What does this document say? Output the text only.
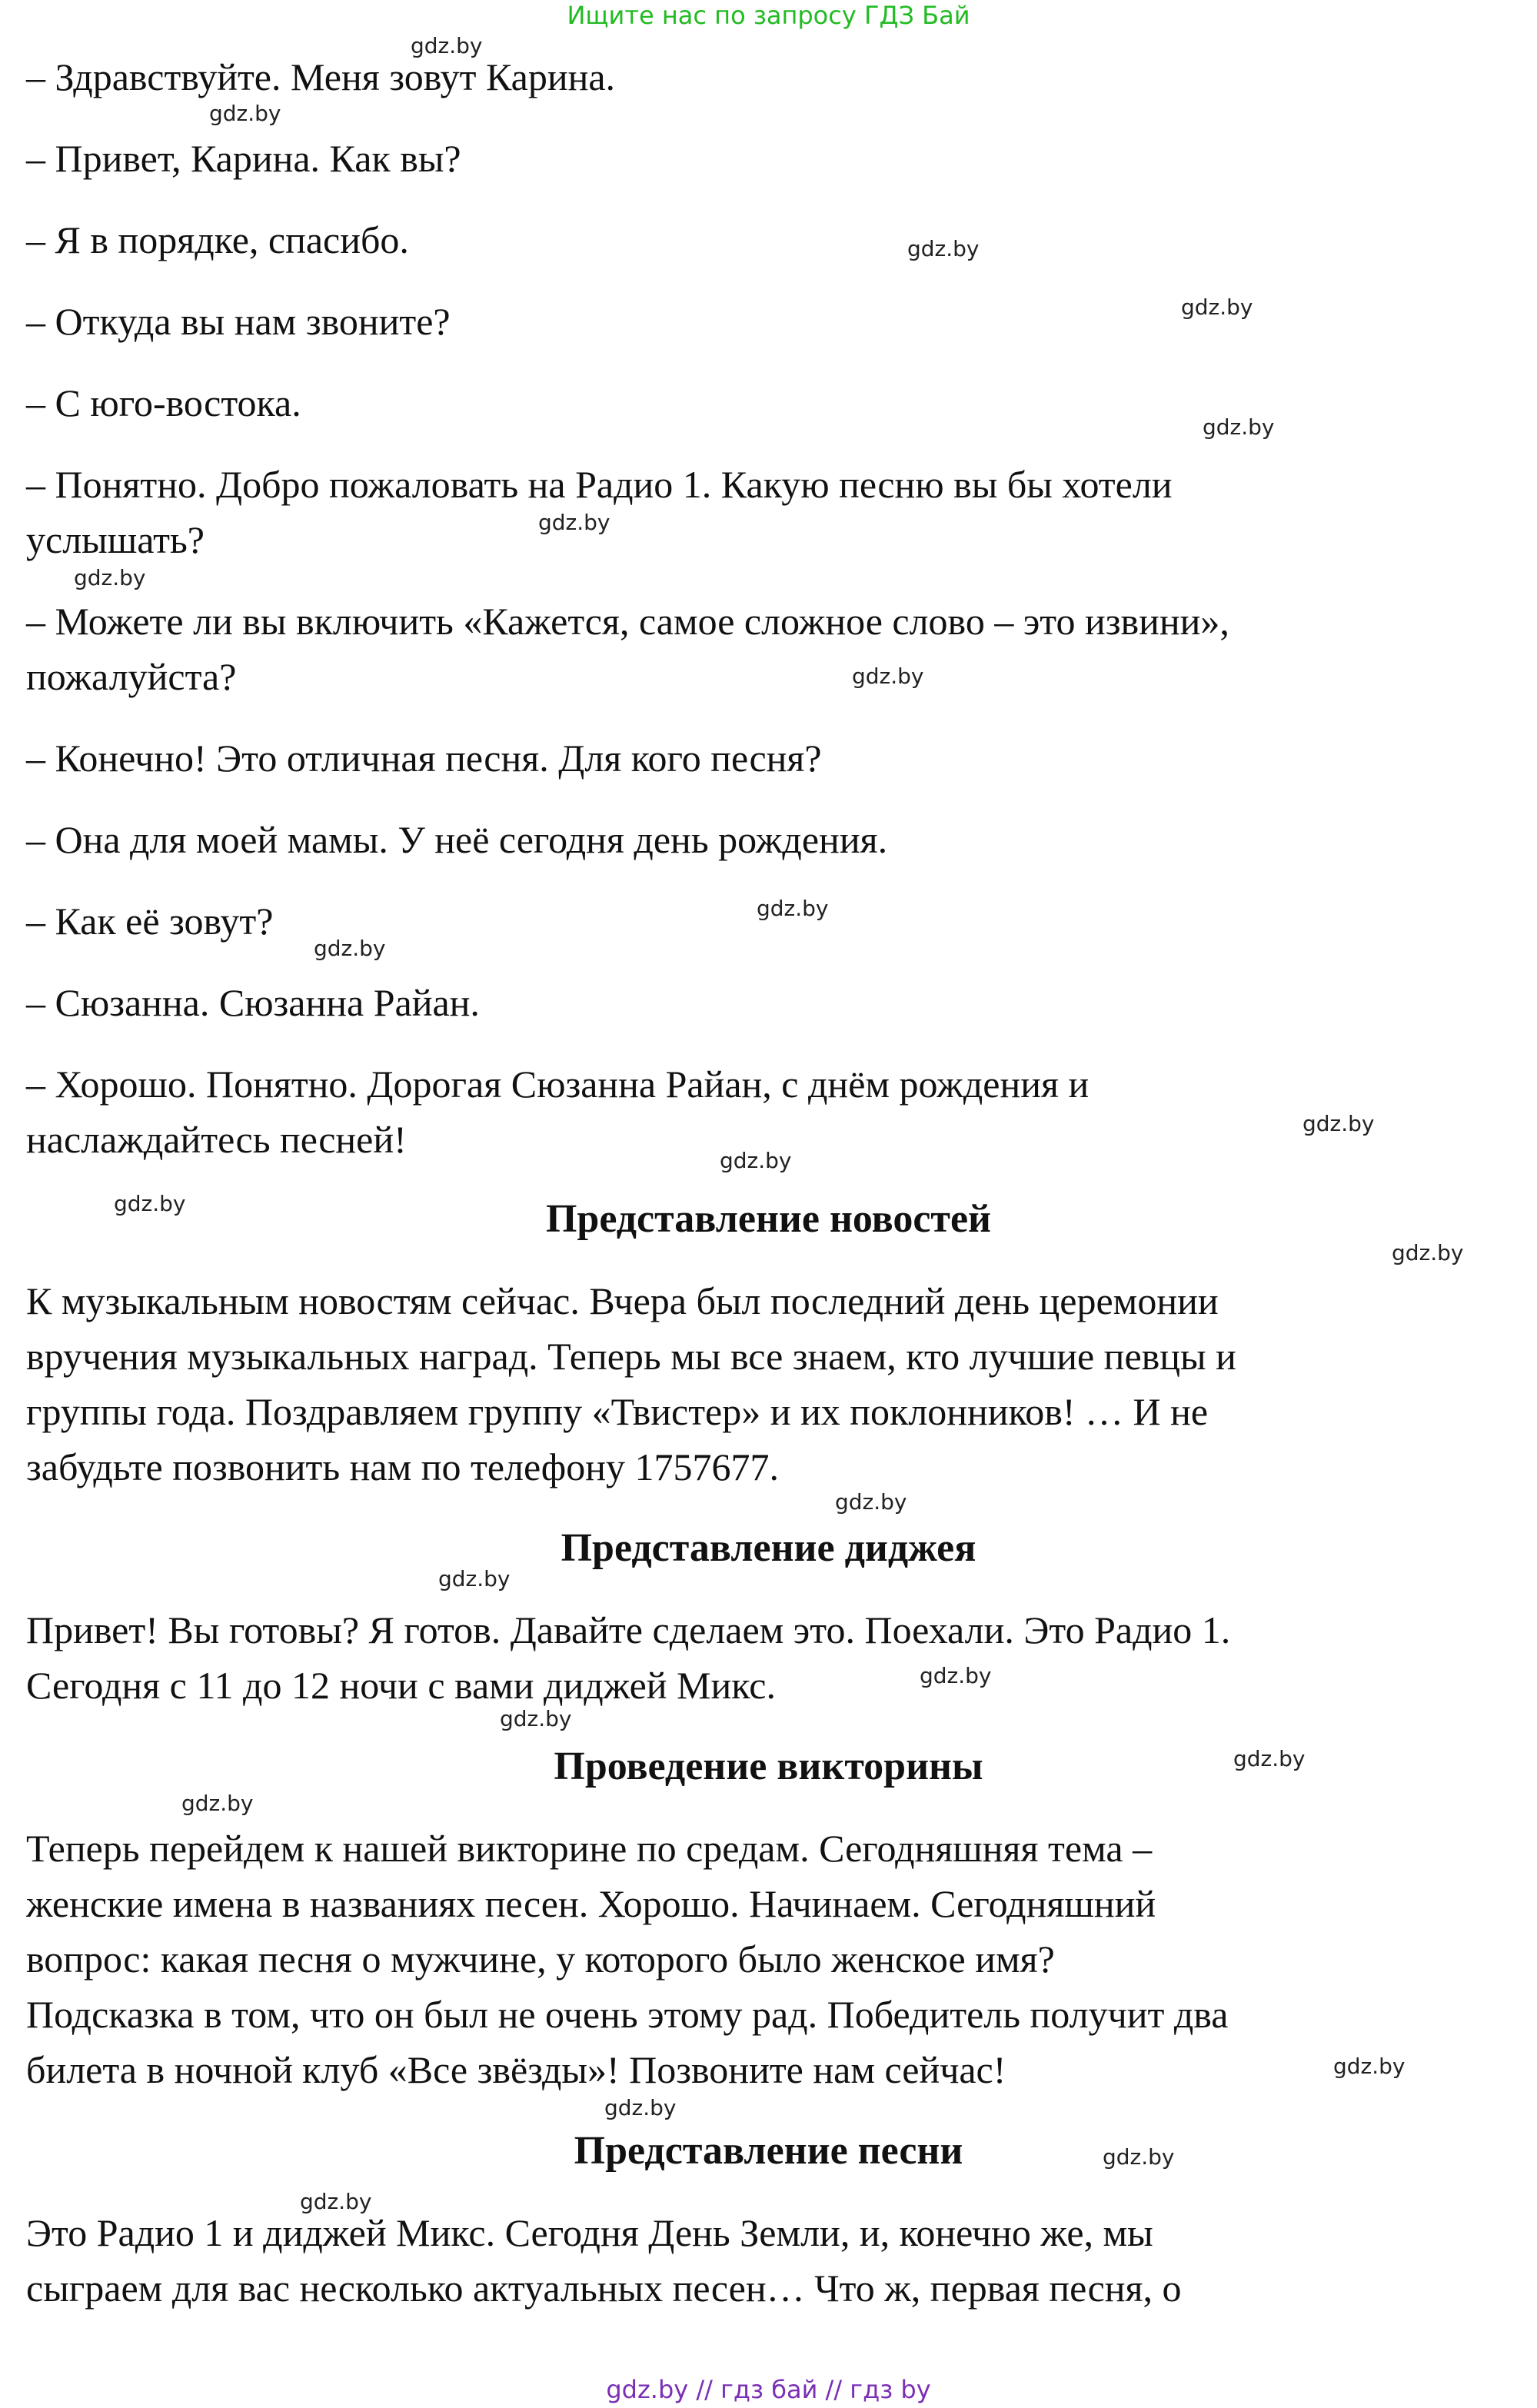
Ищите нас по запросу ГДЗ Бай
– Здравствуйте. Меня зовут Карина.
– Привет, Карина. Как вы?
– Я в порядке, спасибо.
– Откуда вы нам звоните?
– С юго-востока.
– Понятно. Добро пожаловать на Радио 1. Какую песню вы бы хотели
услышать?
– Можете ли вы включить «Кажется, самое сложное слово – это извини»,
пожалуйста?
– Конечно! Это отличная песня. Для кого песня?
– Она для моей мамы. У неё сегодня день рождения.
– Как её зовут?
– Сюзанна. Сюзанна Райан.
– Хорошо. Понятно. Дорогая Сюзанна Райан, с днём рождения и
наслаждайтесь песней!
Представление новостей
К музыкальным новостям сейчас. Вчера был последний день церемонии
вручения музыкальных наград. Теперь мы все знаем, кто лучшие певцы и
группы года. Поздравляем группу «Твистер» и их поклонников! … И не
забудьте позвонить нам по телефону 1757677.
Представление диджея
Привет! Вы готовы? Я готов. Давайте сделаем это. Поехали. Это Радио 1.
Сегодня с 11 до 12 ночи с вами диджей Микс.
Проведение викторины
Теперь перейдем к нашей викторине по средам. Сегодняшняя тема –
женские имена в названиях песен. Хорошо. Начинаем. Сегодняшний
вопрос: какая песня о мужчине, у которого было женское имя?
Подсказка в том, что он был не очень этому рад. Победитель получит два
билета в ночной клуб «Все звёзды»! Позвоните нам сейчас!
Представление песни
Это Радио 1 и диджей Микс. Сегодня День Земли, и, конечно же, мы
сыграем для вас несколько актуальных песен… Что ж, первая песня, о
gdz.by
gdz.by
gdz.by
gdz.by
gdz.by
gdz.by
gdz.by
gdz.by
gdz.by
gdz.by
gdz.by
gdz.by
gdz.by
gdz.by
gdz.by
gdz.by
gdz.by
gdz.by
gdz.by
gdz.by
gdz.by
gdz.by
gdz.by
gdz.by
gdz.by // гдз бай // гдз by
